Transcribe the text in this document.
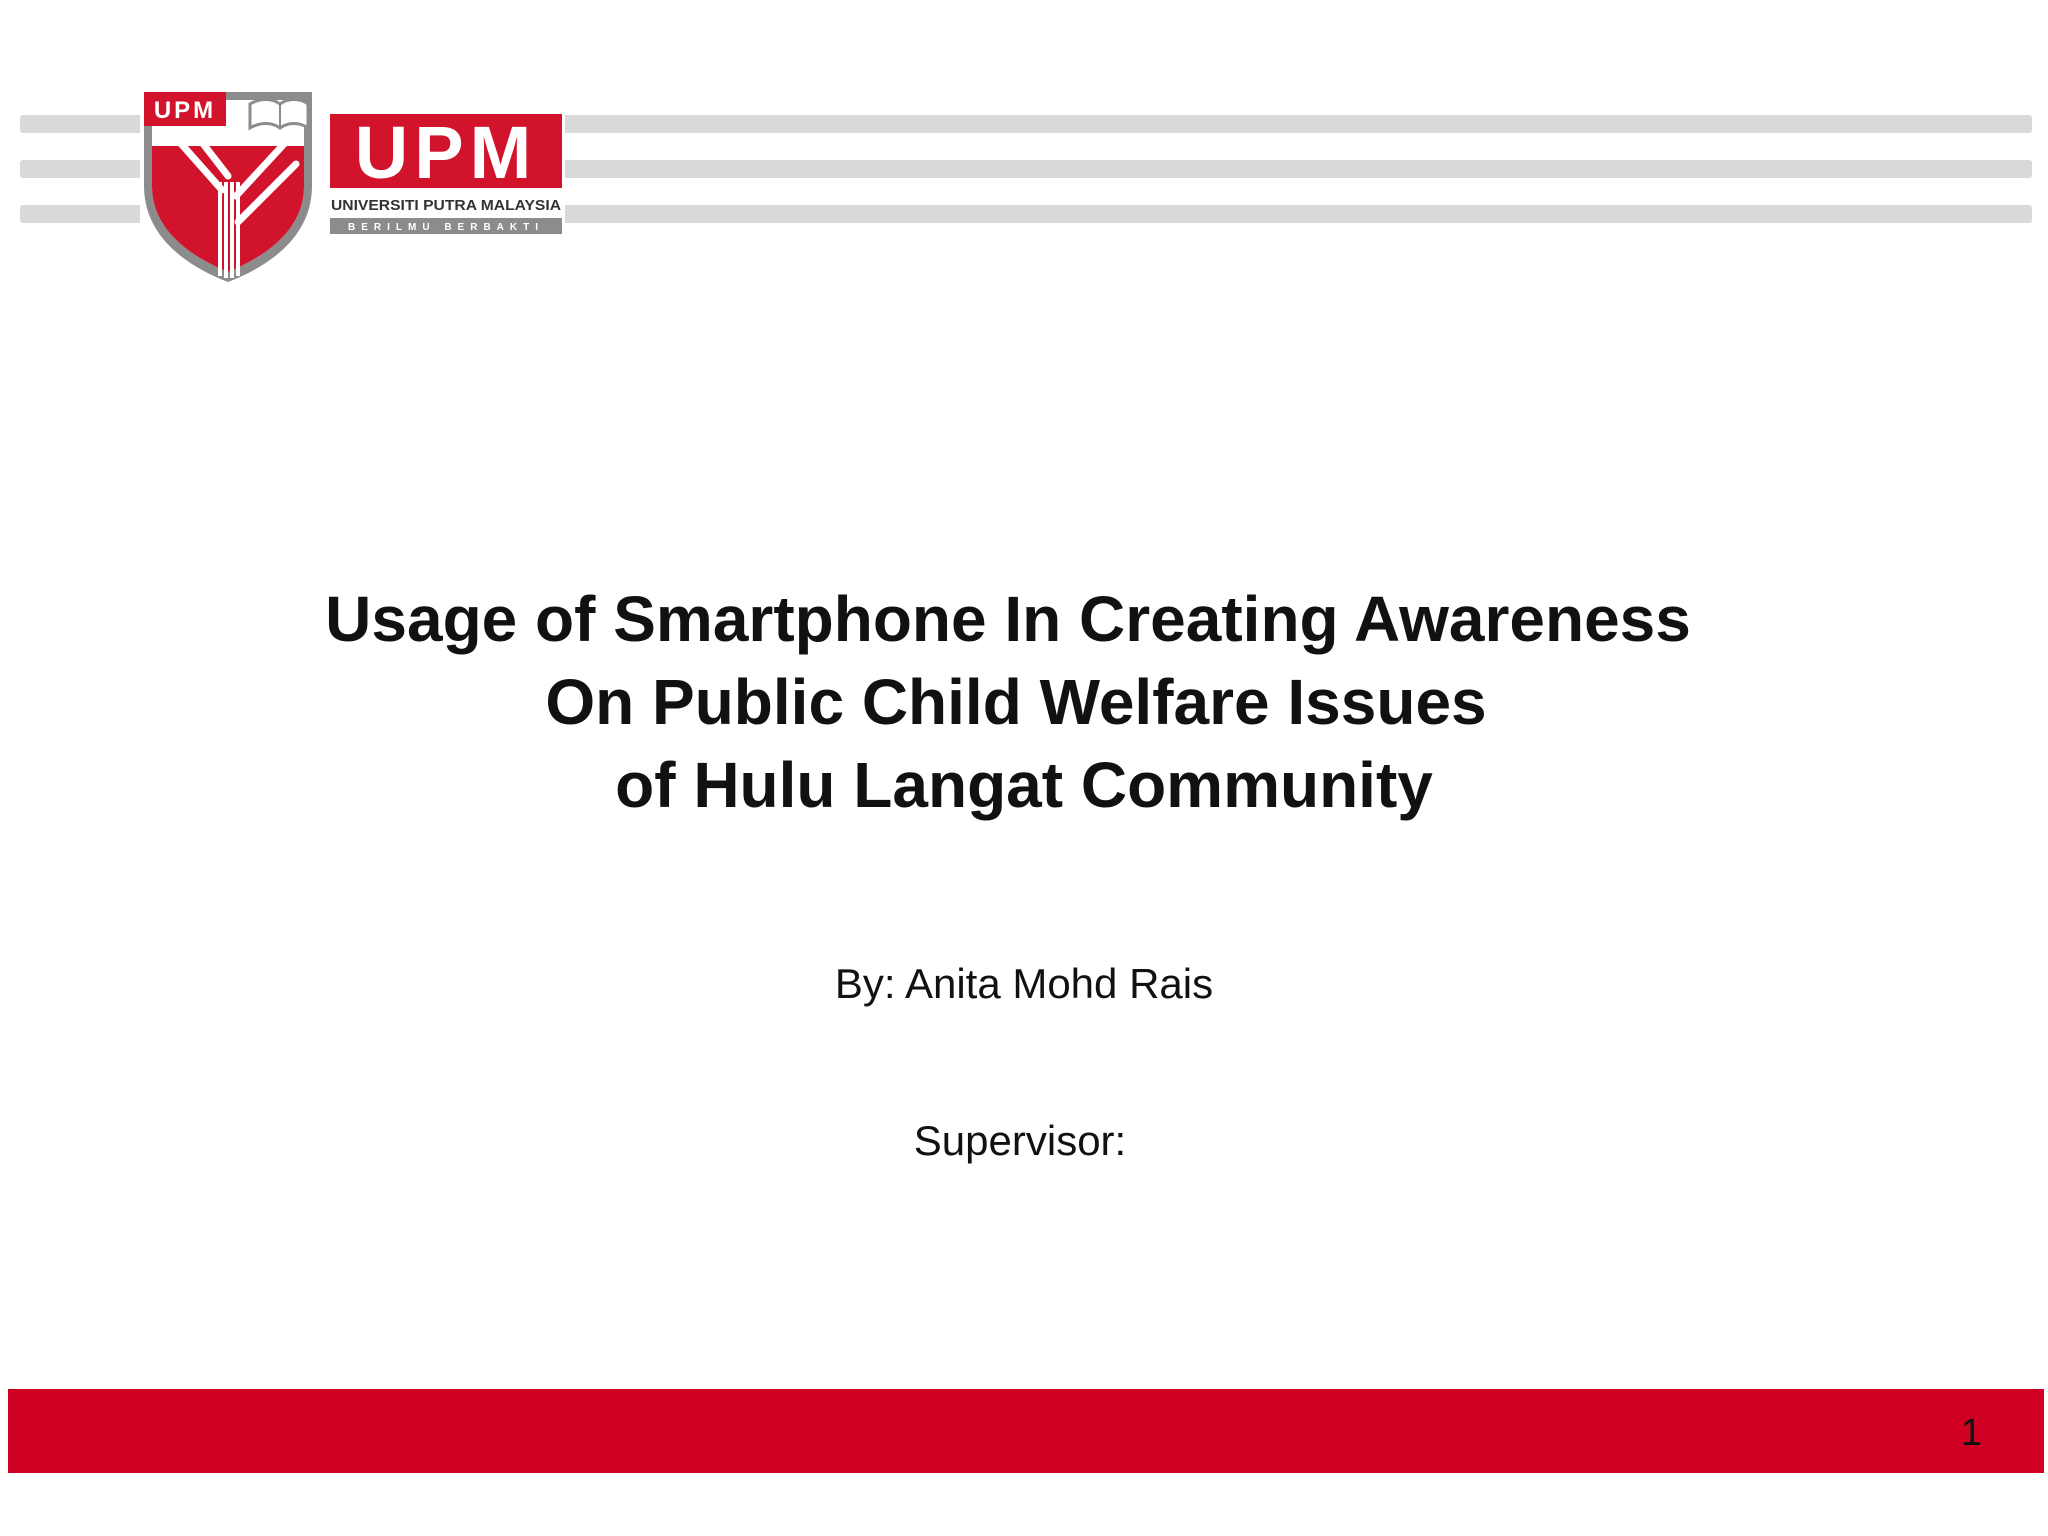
UPM
UPM
UNIVERSITI PUTRA MALAYSIA
BERILMU BERBAKTI
Usage of Smartphone In Creating Awareness
On Public Child Welfare Issues
of Hulu Langat Community
By: Anita Mohd Rais
Supervisor:
1
